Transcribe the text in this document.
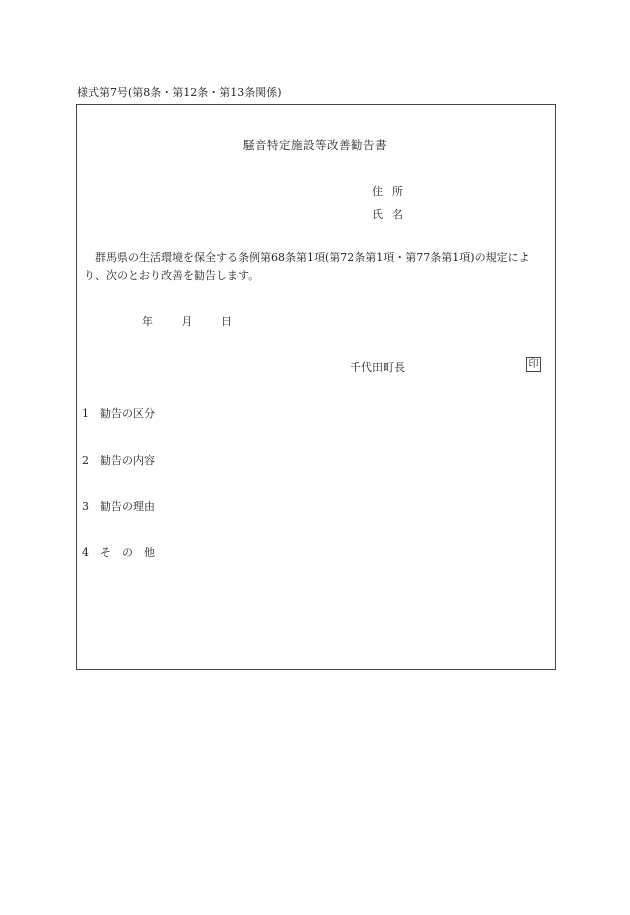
様式第7号(第8条・第12条・第13条関係)
騒音特定施設等改善勧告書
住所
氏名
群馬県の生活環境を保全する条例第68条第1項(第72条第1項・第77条第1項)の規定により、次のとおり改善を勧告します。
年	月	日
千代田町長	印
1 勧告の区分
2 勧告の内容
3 勧告の理由
4 その他
